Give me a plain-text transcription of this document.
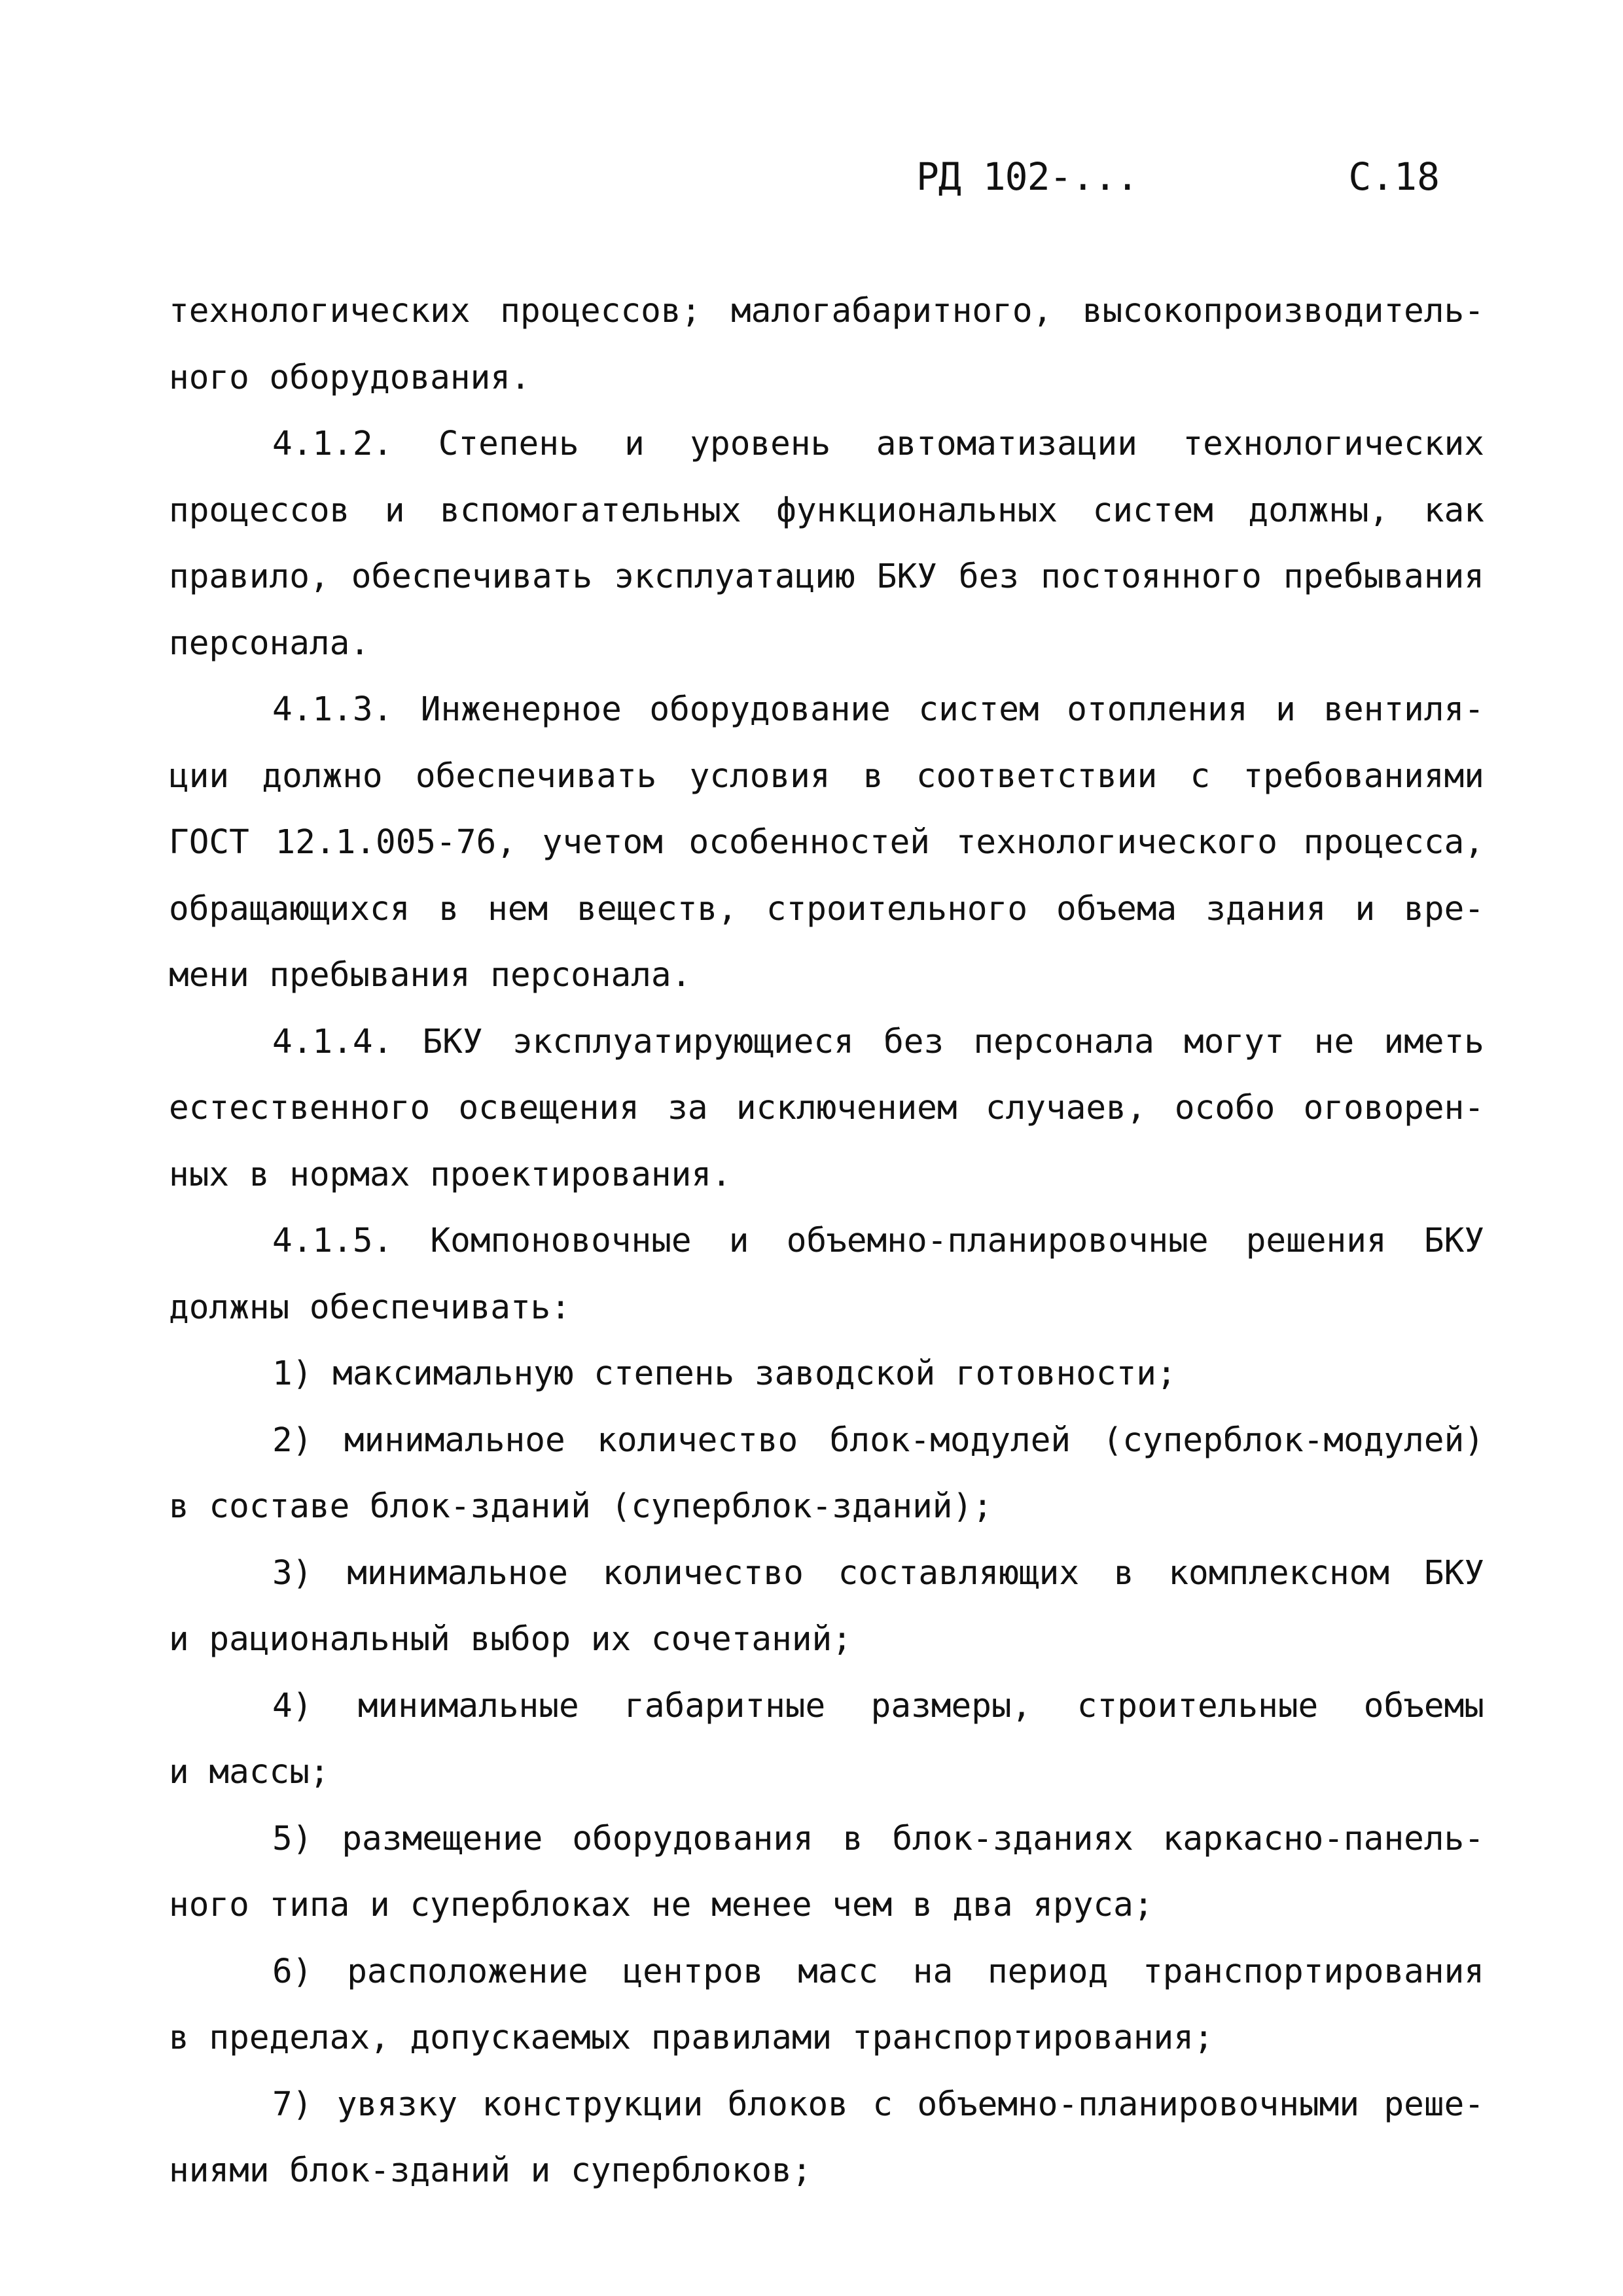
РД 102-...	С.18
технологических процессов; малогабаритного, высокопроизводитель-
ного оборудования.
4.1.2. Степень и уровень автоматизации технологических
процессов и вспомогательных функциональных систем должны, как
правило, обеспечивать эксплуатацию БКУ без постоянного пребывания
персонала.
4.1.3. Инженерное оборудование систем отопления и вентиля-
ции должно обеспечивать условия в соответствии с требованиями
ГОСТ 12.1.005-76, учетом особенностей технологического процесса,
обращающихся в нем веществ, строительного объема здания и вре-
мени пребывания персонала.
4.1.4. БКУ эксплуатирующиеся без персонала могут не иметь
естественного освещения за исключением случаев, особо оговорен-
ных в нормах проектирования.
4.1.5. Компоновочные и объемно-планировочные решения БКУ
должны обеспечивать:
1) максимальную степень заводской готовности;
2) минимальное количество блок-модулей (суперблок-модулей)
в составе блок-зданий (суперблок-зданий);
3) минимальное количество составляющих в комплексном БКУ
и рациональный выбор их сочетаний;
4) минимальные габаритные размеры, строительные объемы
и массы;
5) размещение оборудования в блок-зданиях каркасно-панель-
ного типа и суперблоках не менее чем в два яруса;
6) расположение центров масс на период транспортирования
в пределах, допускаемых правилами транспортирования;
7) увязку конструкции блоков с объемно-планировочными реше-
ниями блок-зданий и суперблоков;
